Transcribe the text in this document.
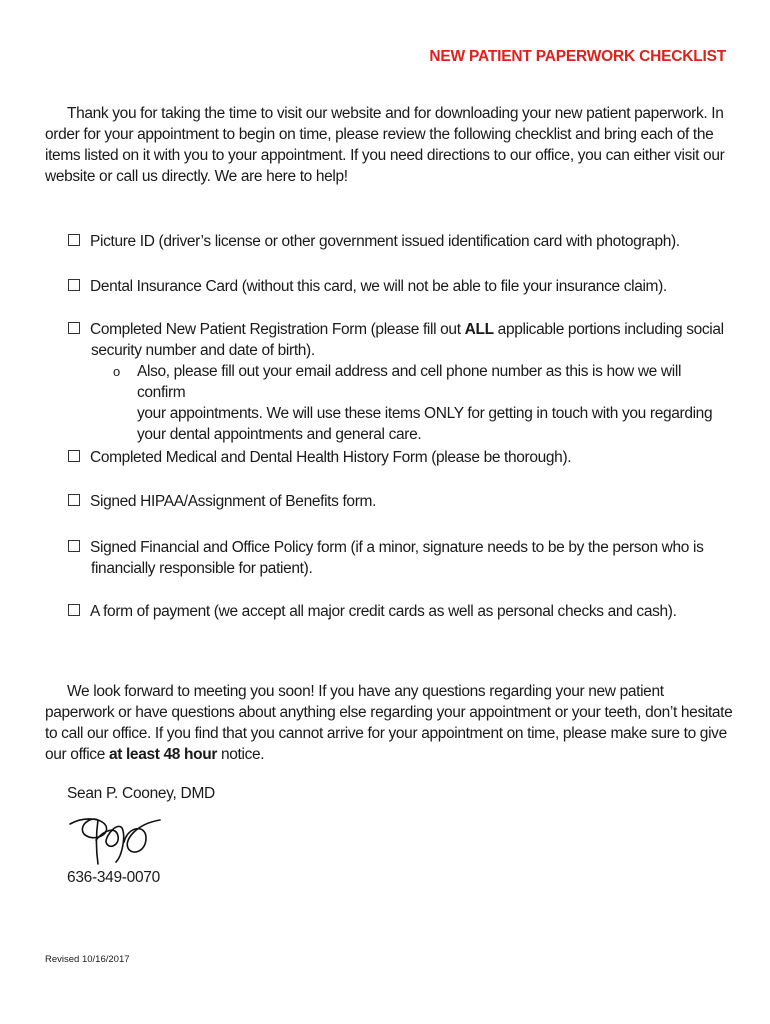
NEW PATIENT PAPERWORK CHECKLIST
Thank you for taking the time to visit our website and for downloading your new patient paperwork. In order for your appointment to begin on time, please review the following checklist and bring each of the items listed on it with you to your appointment. If you need directions to our office, you can either visit our website or call us directly. We are here to help!
Picture ID (driver’s license or other government issued identification card with photograph).
Dental Insurance Card (without this card, we will not be able to file your insurance claim).
Completed New Patient Registration Form (please fill out ALL applicable portions including social
security number and date of birth).
o Also, please fill out your email address and cell phone number as this is how we will confirm
your appointments. We will use these items ONLY for getting in touch with you regarding
your dental appointments and general care.
Completed Medical and Dental Health History Form (please be thorough).
Signed HIPAA/Assignment of Benefits form.
Signed Financial and Office Policy form (if a minor, signature needs to be by the person who is
financially responsible for patient).
A form of payment (we accept all major credit cards as well as personal checks and cash).
We look forward to meeting you soon! If you have any questions regarding your new patient paperwork or have questions about anything else regarding your appointment or your teeth, don’t hesitate to call our office. If you find that you cannot arrive for your appointment on time, please make sure to give our office at least 48 hour notice.
Sean P. Cooney, DMD
636-349-0070
Revised 10/16/2017
